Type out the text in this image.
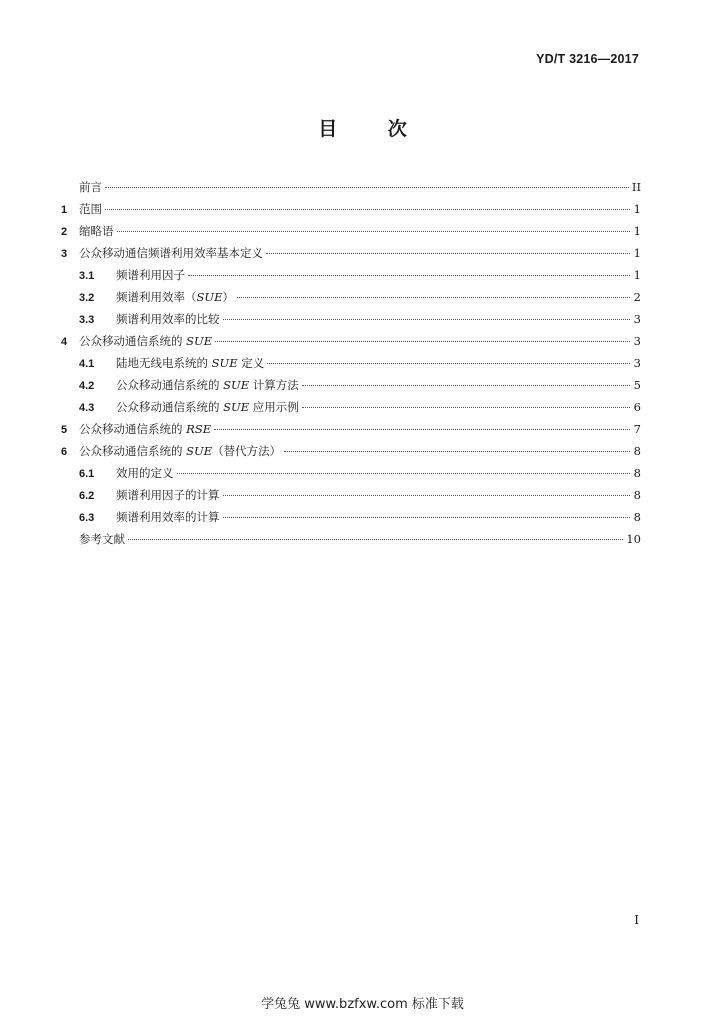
YD/T 3216—2017
目 次
前言	II
1	范围	1
2	缩略语	1
3	公众移动通信频谱利用效率基本定义	1
3.1	频谱利用因子	1
3.2	频谱利用效率（SUE）	2
3.3	频谱利用效率的比较	3
4	公众移动通信系统的 SUE	3
4.1	陆地无线电系统的 SUE 定义	3
4.2	公众移动通信系统的 SUE 计算方法	5
4.3	公众移动通信系统的 SUE 应用示例	6
5	公众移动通信系统的 RSE	7
6	公众移动通信系统的 SUE（替代方法）	8
6.1	效用的定义	8
6.2	频谱利用因子的计算	8
6.3	频谱利用效率的计算	8
参考文献	10
I
学兔兔 www.bzfxw.com 标准下载
